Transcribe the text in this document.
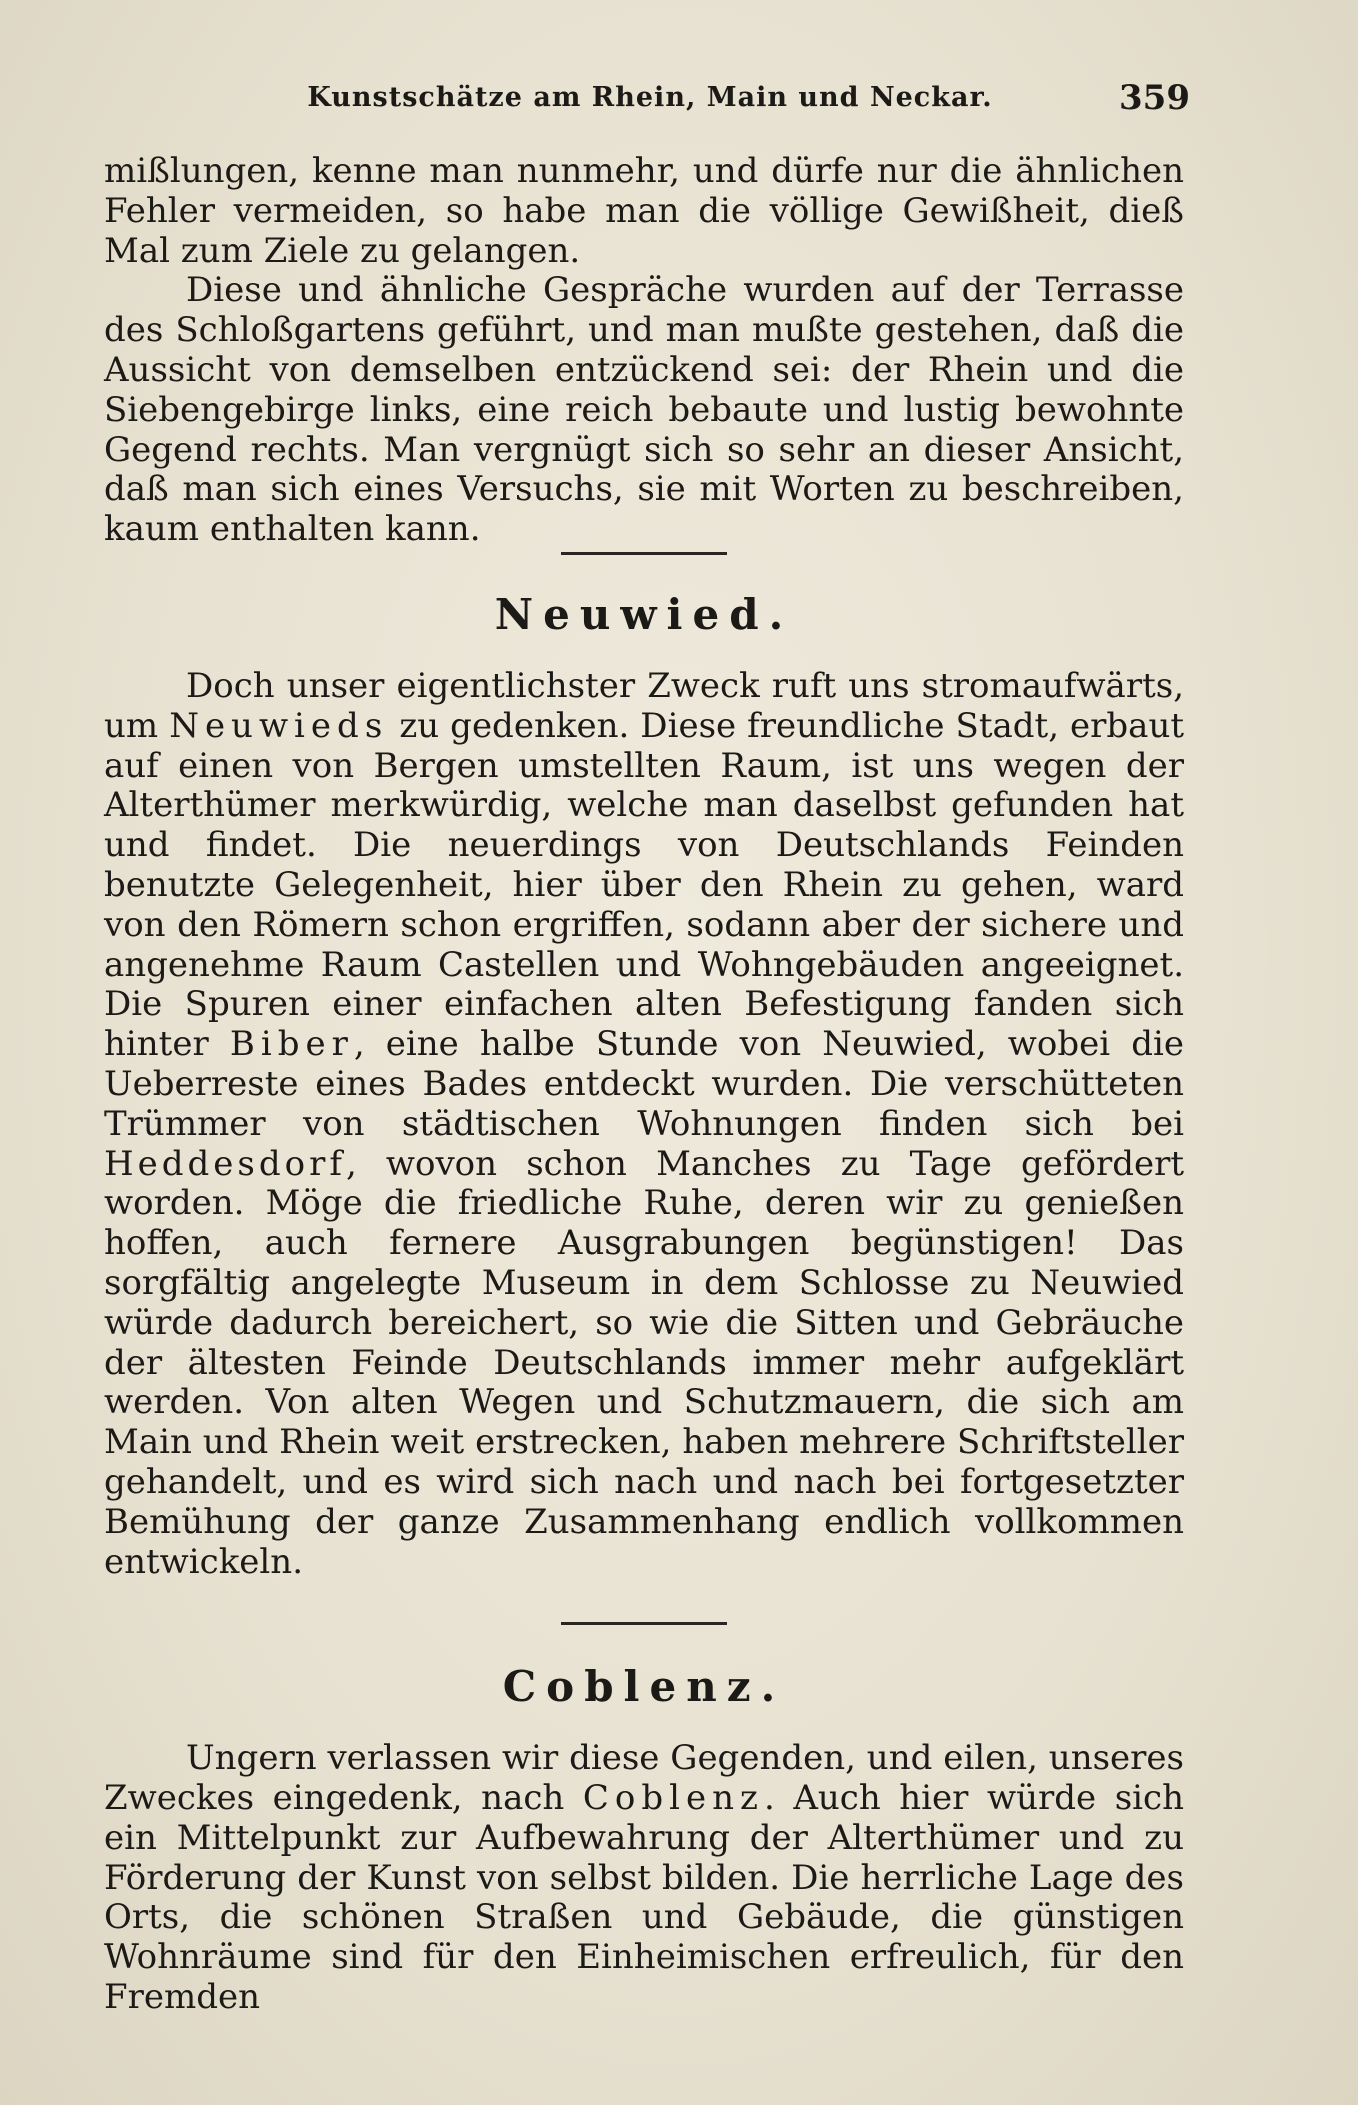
Kunstschätze am Rhein, Main und Neckar.	359

mißlungen, kenne man nunmehr, und dürfe nur die ähnlichen Fehler vermeiden, so habe man die völlige Gewißheit, dieß Mal zum Ziele zu gelangen.

Diese und ähnliche Gespräche wurden auf der Terrasse des Schloßgartens geführt, und man mußte gestehen, daß die Aussicht von demselben entzückend sei: der Rhein und die Siebengebirge links, eine reich bebaute und lustig bewohnte Gegend rechts. Man vergnügt sich so sehr an dieser Ansicht, daß man sich eines Versuchs, sie mit Worten zu beschreiben, kaum enthalten kann.

Neuwied.

Doch unser eigentlichster Zweck ruft uns stromaufwärts, um Neuwieds zu gedenken. Diese freundliche Stadt, erbaut auf einen von Bergen umstellten Raum, ist uns wegen der Alterthümer merkwürdig, welche man daselbst gefunden hat und findet. Die neuerdings von Deutschlands Feinden benutzte Gelegenheit, hier über den Rhein zu gehen, ward von den Römern schon ergriffen, sodann aber der sichere und angenehme Raum Castellen und Wohngebäuden angeeignet. Die Spuren einer einfachen alten Befestigung fanden sich hinter Biber, eine halbe Stunde von Neuwied, wobei die Ueberreste eines Bades entdeckt wurden. Die verschütteten Trümmer von städtischen Wohnungen finden sich bei Heddesdorf, wovon schon Manches zu Tage gefördert worden. Möge die friedliche Ruhe, deren wir zu genießen hoffen, auch fernere Ausgrabungen begünstigen! Das sorgfältig angelegte Museum in dem Schlosse zu Neuwied würde dadurch bereichert, so wie die Sitten und Gebräuche der ältesten Feinde Deutschlands immer mehr aufgeklärt werden. Von alten Wegen und Schutzmauern, die sich am Main und Rhein weit erstrecken, haben mehrere Schriftsteller gehandelt, und es wird sich nach und nach bei fortgesetzter Bemühung der ganze Zusammenhang endlich vollkommen entwickeln.

Coblenz.

Ungern verlassen wir diese Gegenden, und eilen, unseres Zweckes eingedenk, nach Coblenz. Auch hier würde sich ein Mittelpunkt zur Aufbewahrung der Alterthümer und zu Förderung der Kunst von selbst bilden. Die herrliche Lage des Orts, die schönen Straßen und Gebäude, die günstigen Wohnräume sind für den Einheimischen erfreulich, für den Fremden
